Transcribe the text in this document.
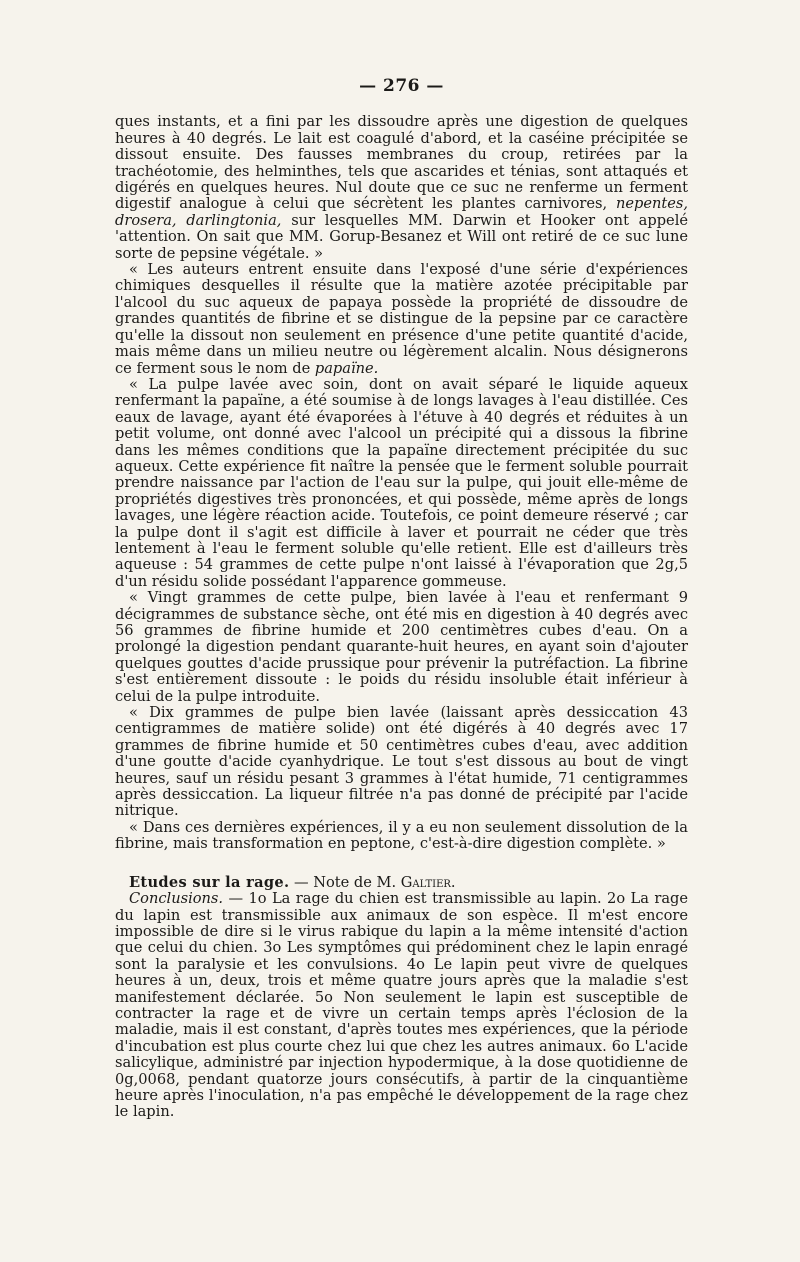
— 276 —

ques instants, et a fini par les dissoudre après une digestion de quelques heures à 40 degrés. Le lait est coagulé d'abord, et la caséine précipitée se dissout ensuite. Des fausses membranes du croup, retirées par la trachéotomie, des helminthes, tels que ascarides et ténias, sont attaqués et digérés en quelques heures. Nul doute que ce suc ne renferme un ferment digestif analogue à celui que sécrètent les plantes carnivores, nepentes, drosera, darlingtonia, sur lesquelles MM. Darwin et Hooker ont appelé 'attention. On sait que MM. Gorup-Besanez et Will ont retiré de ce suc lune sorte de pepsine végétale. »

« Les auteurs entrent ensuite dans l'exposé d'une série d'expériences chimiques desquelles il résulte que la matière azotée précipitable par l'alcool du suc aqueux de papaya possède la propriété de dissoudre de grandes quantités de fibrine et se distingue de la pepsine par ce caractère qu'elle la dissout non seulement en présence d'une petite quantité d'acide, mais même dans un milieu neutre ou légèrement alcalin. Nous désignerons ce ferment sous le nom de papaïne.

« La pulpe lavée avec soin, dont on avait séparé le liquide aqueux renfermant la papaïne, a été soumise à de longs lavages à l'eau distillée. Ces eaux de lavage, ayant été évaporées à l'étuve à 40 degrés et réduites à un petit volume, ont donné avec l'alcool un précipité qui a dissous la fibrine dans les mêmes conditions que la papaïne directement précipitée du suc aqueux. Cette expérience fit naître la pensée que le ferment soluble pourrait prendre naissance par l'action de l'eau sur la pulpe, qui jouit elle-même de propriétés digestives très prononcées, et qui possède, même après de longs lavages, une légère réaction acide. Toutefois, ce point demeure réservé ; car la pulpe dont il s'agit est difficile à laver et pourrait ne céder que très lentement à l'eau le ferment soluble qu'elle retient. Elle est d'ailleurs très aqueuse : 54 grammes de cette pulpe n'ont laissé à l'évaporation que 2g,5 d'un résidu solide possédant l'apparence gommeuse.

« Vingt grammes de cette pulpe, bien lavée à l'eau et renfermant 9 décigrammes de substance sèche, ont été mis en digestion à 40 degrés avec 56 grammes de fibrine humide et 200 centimètres cubes d'eau. On a prolongé la digestion pendant quarante-huit heures, en ayant soin d'ajouter quelques gouttes d'acide prussique pour prévenir la putréfaction. La fibrine s'est entièrement dissoute : le poids du résidu insoluble était inférieur à celui de la pulpe introduite.

« Dix grammes de pulpe bien lavée (laissant après dessiccation 43 centigrammes de matière solide) ont été digérés à 40 degrés avec 17 grammes de fibrine humide et 50 centimètres cubes d'eau, avec addition d'une goutte d'acide cyanhydrique. Le tout s'est dissous au bout de vingt heures, sauf un résidu pesant 3 grammes à l'état humide, 71 centigrammes après dessiccation. La liqueur filtrée n'a pas donné de précipité par l'acide nitrique.

« Dans ces dernières expériences, il y a eu non seulement dissolution de la fibrine, mais transformation en peptone, c'est-à-dire digestion complète. »

Etudes sur la rage. — Note de M. Galtier.

Conclusions. — 1o La rage du chien est transmissible au lapin. 2o La rage du lapin est transmissible aux animaux de son espèce. Il m'est encore impossible de dire si le virus rabique du lapin a la même intensité d'action que celui du chien. 3o Les symptômes qui prédominent chez le lapin enragé sont la paralysie et les convulsions. 4o Le lapin peut vivre de quelques heures à un, deux, trois et même quatre jours après que la maladie s'est manifestement déclarée. 5o Non seulement le lapin est susceptible de contracter la rage et de vivre un certain temps après l'éclosion de la maladie, mais il est constant, d'après toutes mes expériences, que la période d'incubation est plus courte chez lui que chez les autres animaux. 6o L'acide salicylique, administré par injection hypodermique, à la dose quotidienne de 0g,0068, pendant quatorze jours consécutifs, à partir de la cinquantième heure après l'inoculation, n'a pas empêché le développement de la rage chez le lapin.
